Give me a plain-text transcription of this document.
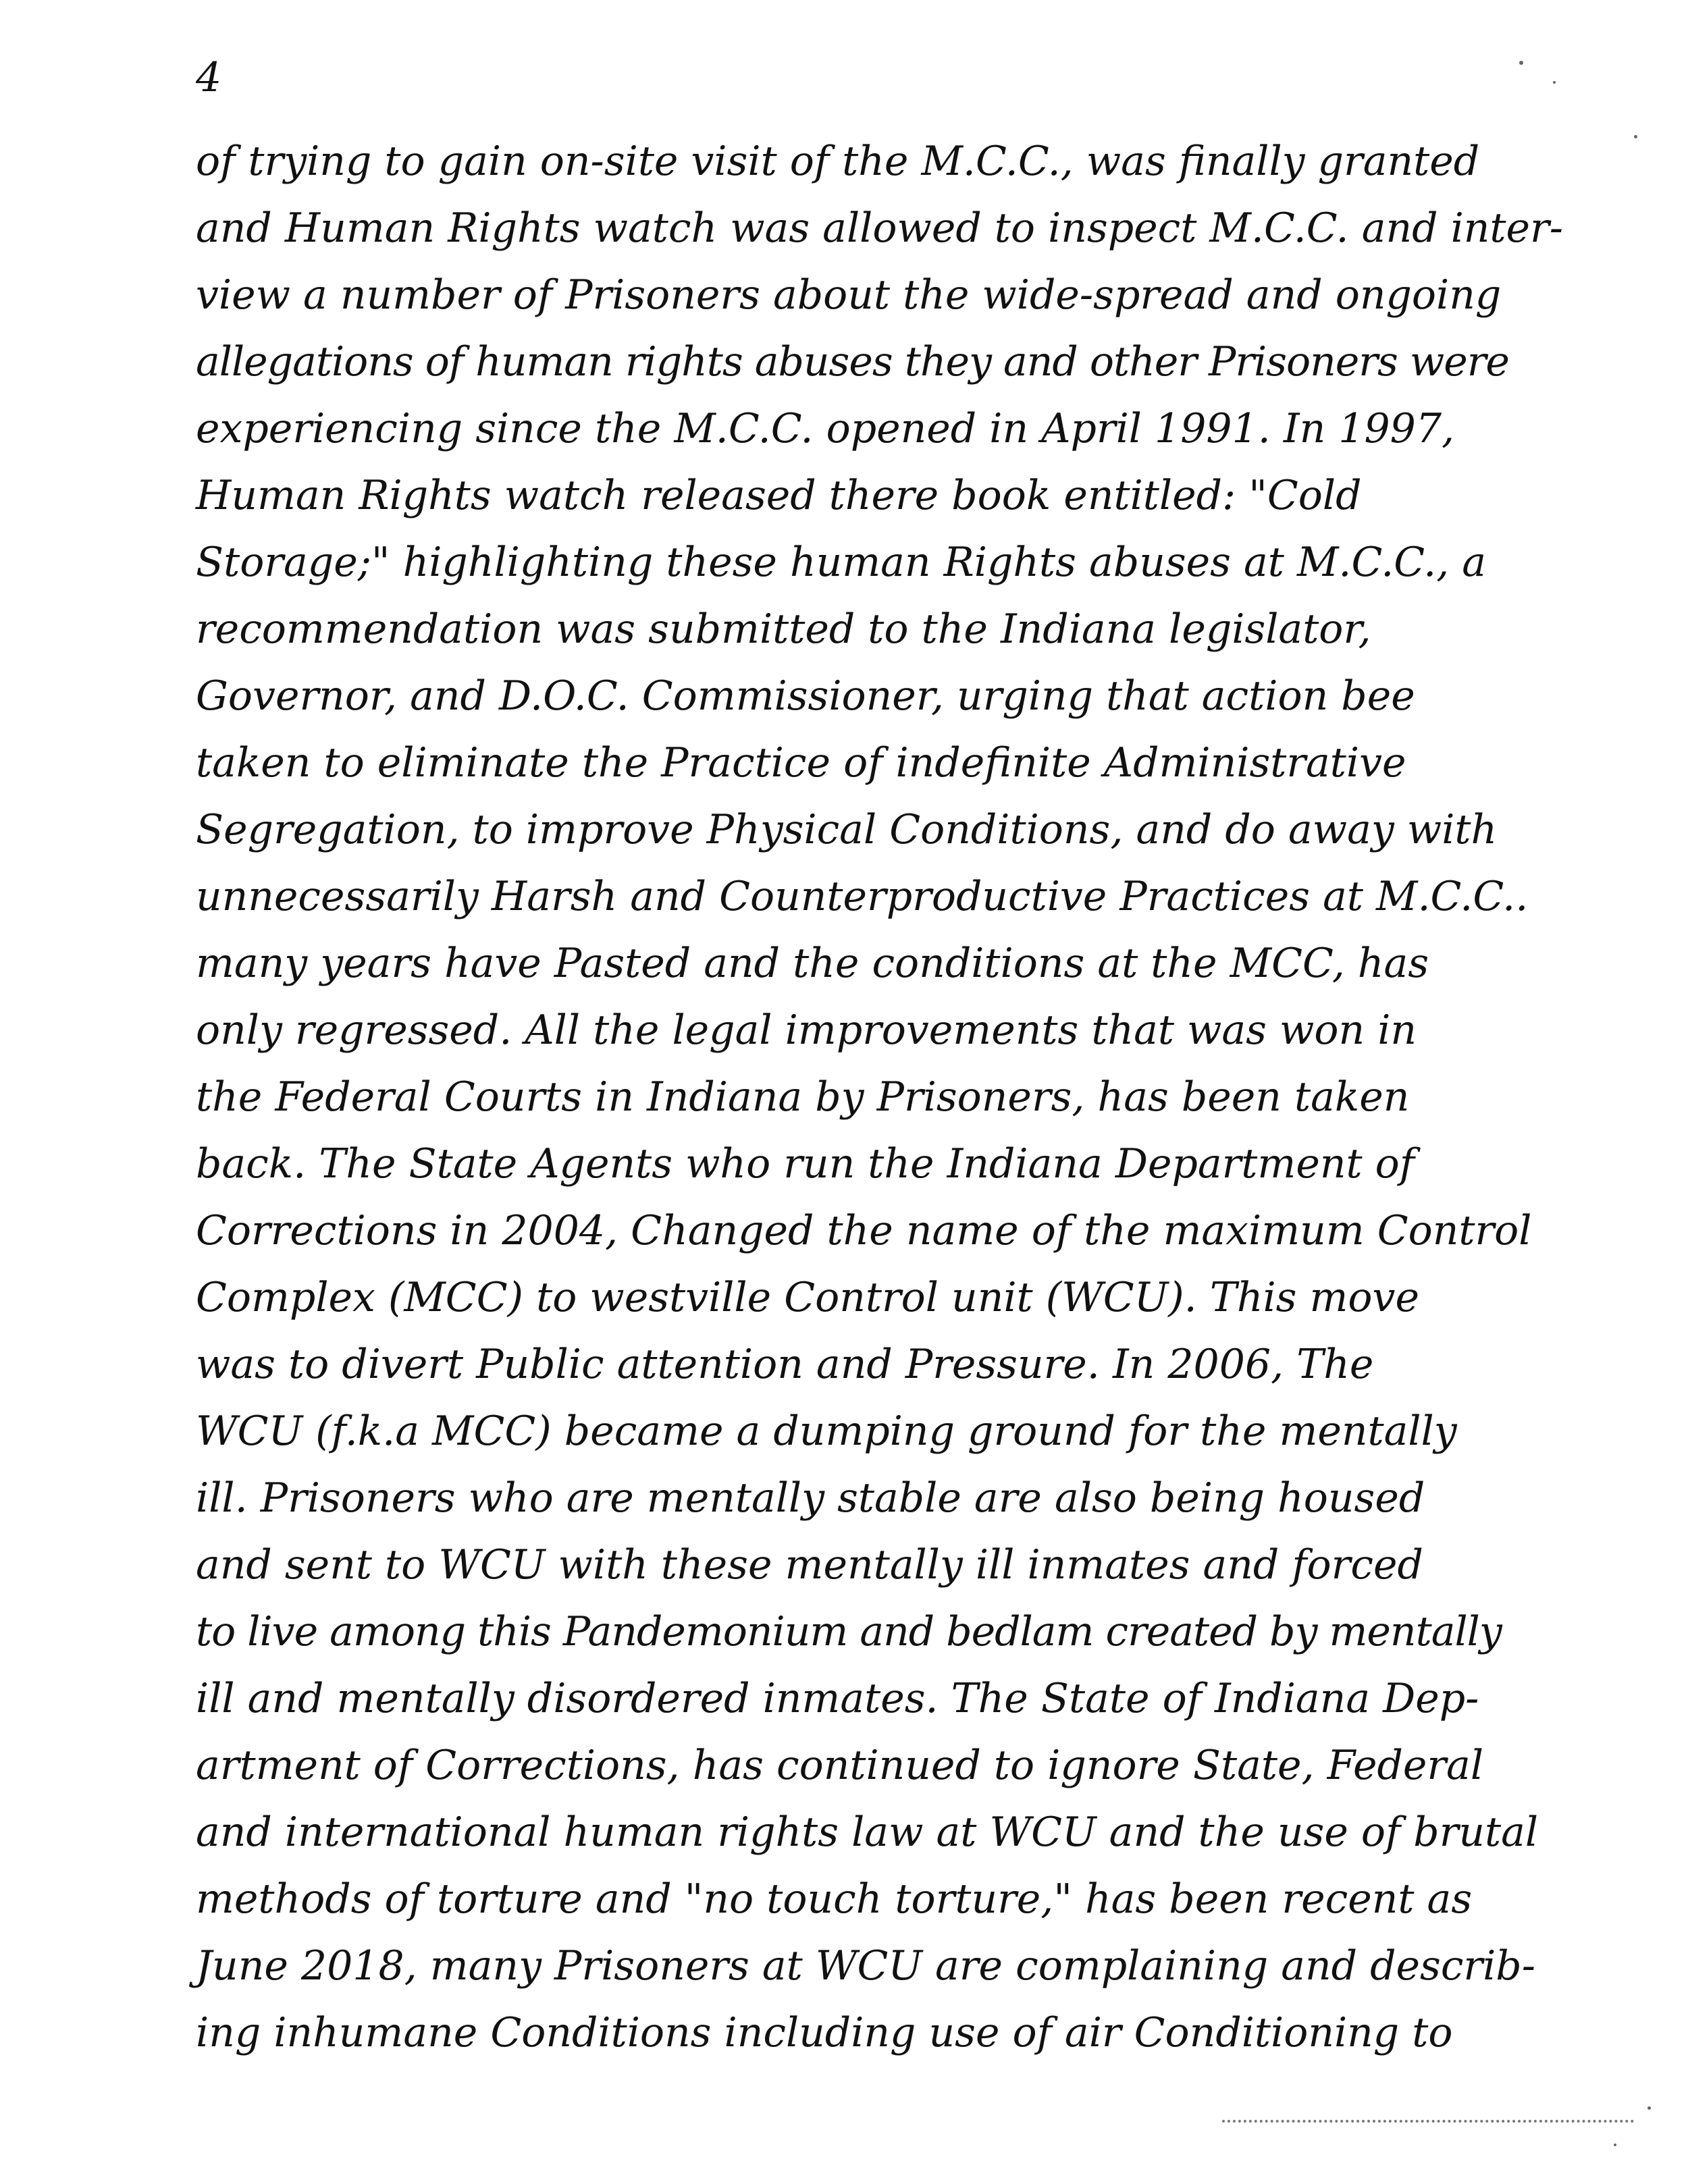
4
of trying to gain on-site visit of the M.C.C., was finally granted
and Human Rights watch was allowed to inspect M.C.C. and inter-
view a number of Prisoners about the wide-spread and ongoing
allegations of human rights abuses they and other Prisoners were
experiencing since the M.C.C. opened in April 1991. In 1997,
Human Rights watch released there book entitled: "Cold
Storage;" highlighting these human Rights abuses at M.C.C., a
recommendation was submitted to the Indiana legislator,
Governor, and D.O.C. Commissioner, urging that action bee
taken to eliminate the Practice of indefinite Administrative
Segregation, to improve Physical Conditions, and do away with
unnecessarily Harsh and Counterproductive Practices at M.C.C..
many years have Pasted and the conditions at the MCC, has
only regressed. All the legal improvements that was won in
the Federal Courts in Indiana by Prisoners, has been taken
back. The State Agents who run the Indiana Department of
Corrections in 2004, Changed the name of the maximum Control
Complex (MCC) to westville Control unit (WCU). This move
was to divert Public attention and Pressure. In 2006, The
WCU (f.k.a MCC) became a dumping ground for the mentally
ill. Prisoners who are mentally stable are also being housed
and sent to WCU with these mentally ill inmates and forced
to live among this Pandemonium and bedlam created by mentally
ill and mentally disordered inmates. The State of Indiana Dep-
artment of Corrections, has continued to ignore State, Federal
and international human rights law at WCU and the use of brutal
methods of torture and "no touch torture," has been recent as
June 2018, many Prisoners at WCU are complaining and describ-
ing inhumane Conditions including use of air Conditioning to
